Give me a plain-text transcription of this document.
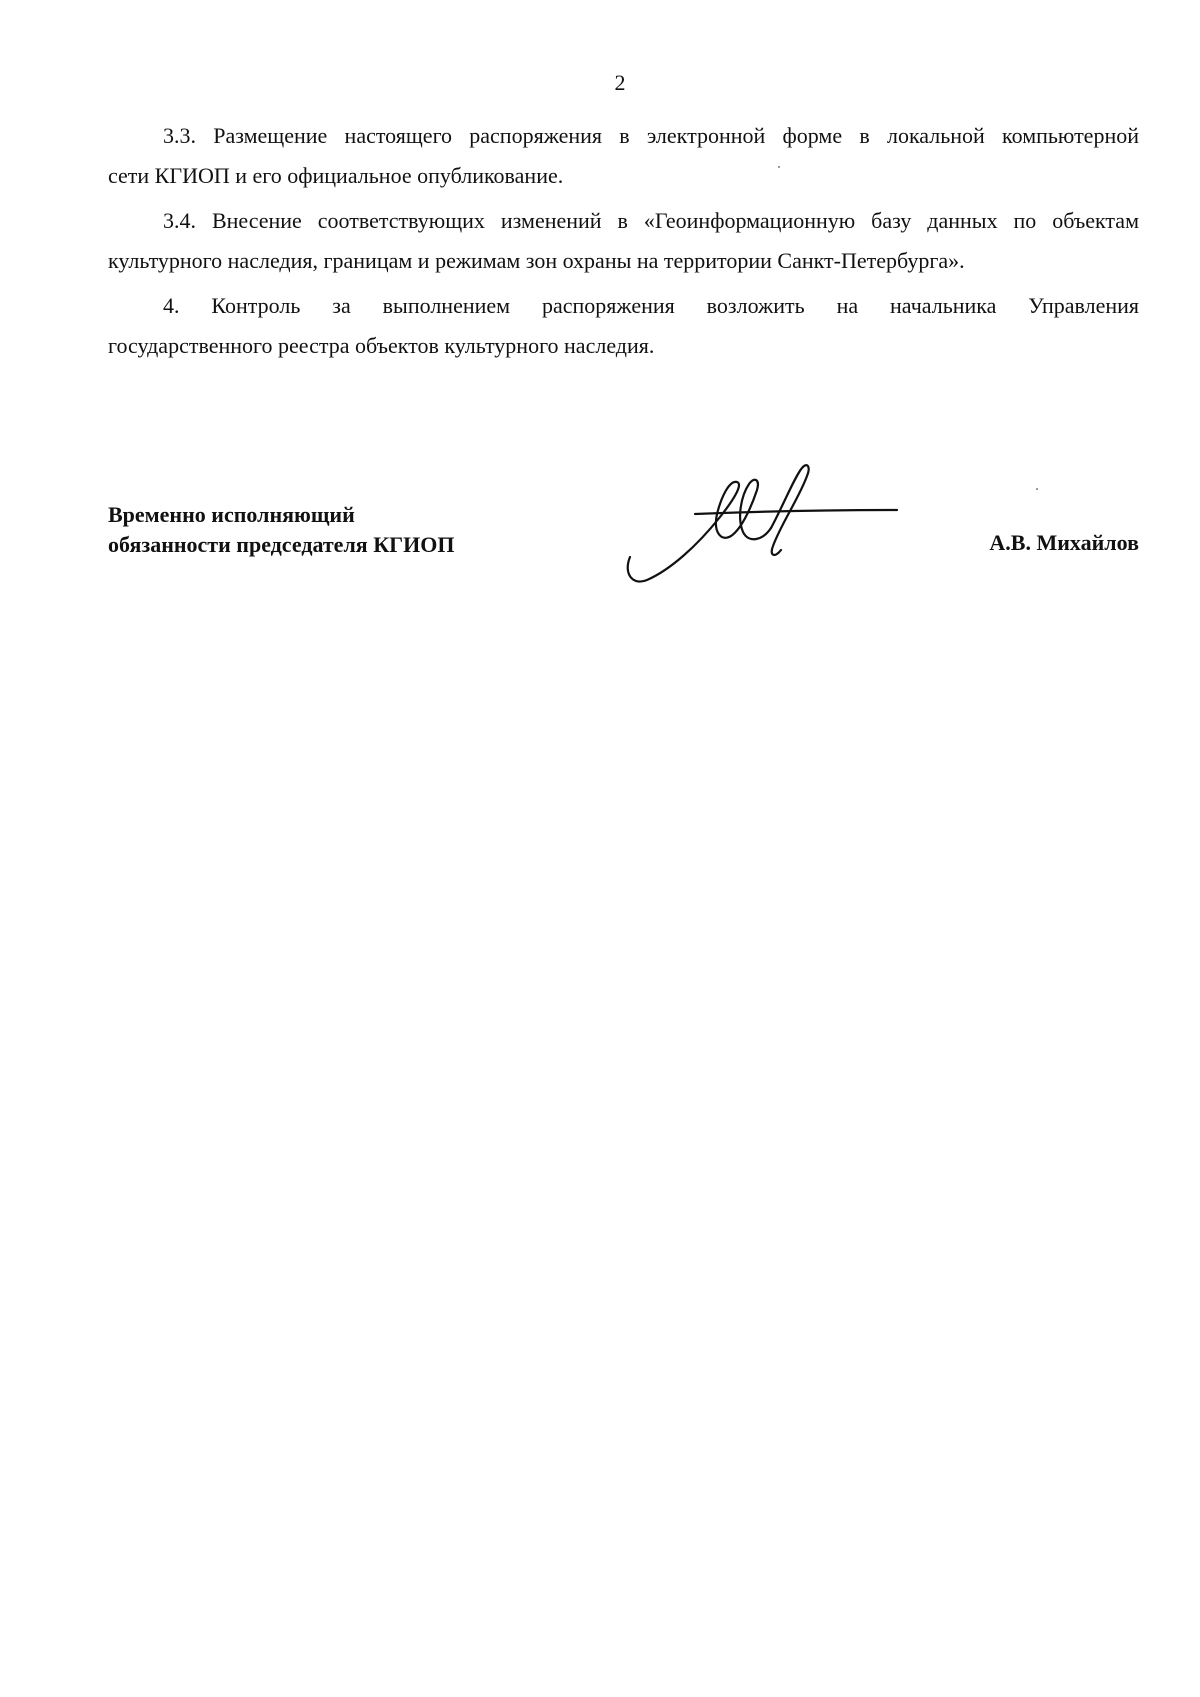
2
3.3. Размещение настоящего распоряжения в электронной форме в локальной компьютерной
сети КГИОП и его официальное опубликование.
3.4. Внесение соответствующих изменений в «Геоинформационную базу данных по объектам
культурного наследия, границам и режимам зон охраны на территории Санкт-Петербурга».
4. Контроль за выполнением распоряжения возложить на начальника Управления
государственного реестра объектов культурного наследия.
Временно исполняющий
обязанности председателя КГИОП	А.В. Михайлов
